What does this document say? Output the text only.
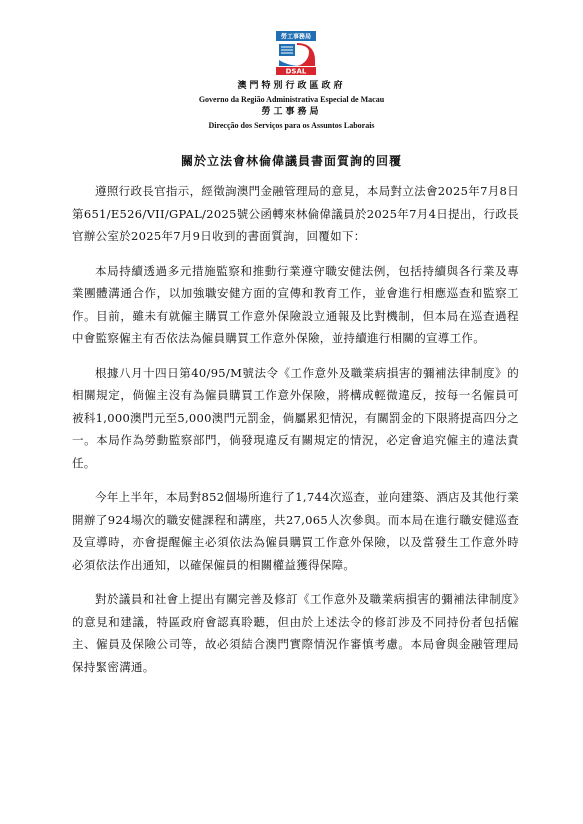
勞工事務局
DSAL
澳門特別行政區政府
Governo da Região Administrativa Especial de Macau
勞工事務局
Direcção dos Serviços para os Assuntos Laborais
關於立法會林倫偉議員書面質詢的回覆

遵照行政長官指示，經徵詢澳門金融管理局的意見，本局對立法會2025年7月8日第651/E526/VII/GPAL/2025號公函轉來林倫偉議員於2025年7月4日提出，行政長官辦公室於2025年7月9日收到的書面質詢，回覆如下：

本局持續透過多元措施監察和推動行業遵守職安健法例，包括持續與各行業及專業團體溝通合作，以加強職安健方面的宣傳和教育工作，並會進行相應巡查和監察工作。目前，雖未有就僱主購買工作意外保險設立通報及比對機制，但本局在巡查過程中會監察僱主有否依法為僱員購買工作意外保險，並持續進行相關的宣導工作。

根據八月十四日第40/95/M號法令《工作意外及職業病損害的彌補法律制度》的相關規定，倘僱主沒有為僱員購買工作意外保險，將構成輕微違反，按每一名僱員可被科1,000澳門元至5,000澳門元罰金，倘屬累犯情況，有關罰金的下限將提高四分之一。本局作為勞動監察部門，倘發現違反有關規定的情況，必定會追究僱主的違法責任。

今年上半年，本局對852個場所進行了1,744次巡查，並向建築、酒店及其他行業開辦了924場次的職安健課程和講座，共27,065人次參與。而本局在進行職安健巡查及宣導時，亦會提醒僱主必須依法為僱員購買工作意外保險，以及當發生工作意外時必須依法作出通知，以確保僱員的相關權益獲得保障。

對於議員和社會上提出有關完善及修訂《工作意外及職業病損害的彌補法律制度》的意見和建議，特區政府會認真聆聽，但由於上述法令的修訂涉及不同持份者包括僱主、僱員及保險公司等，故必須結合澳門實際情況作審慎考慮。本局會與金融管理局保持緊密溝通。
